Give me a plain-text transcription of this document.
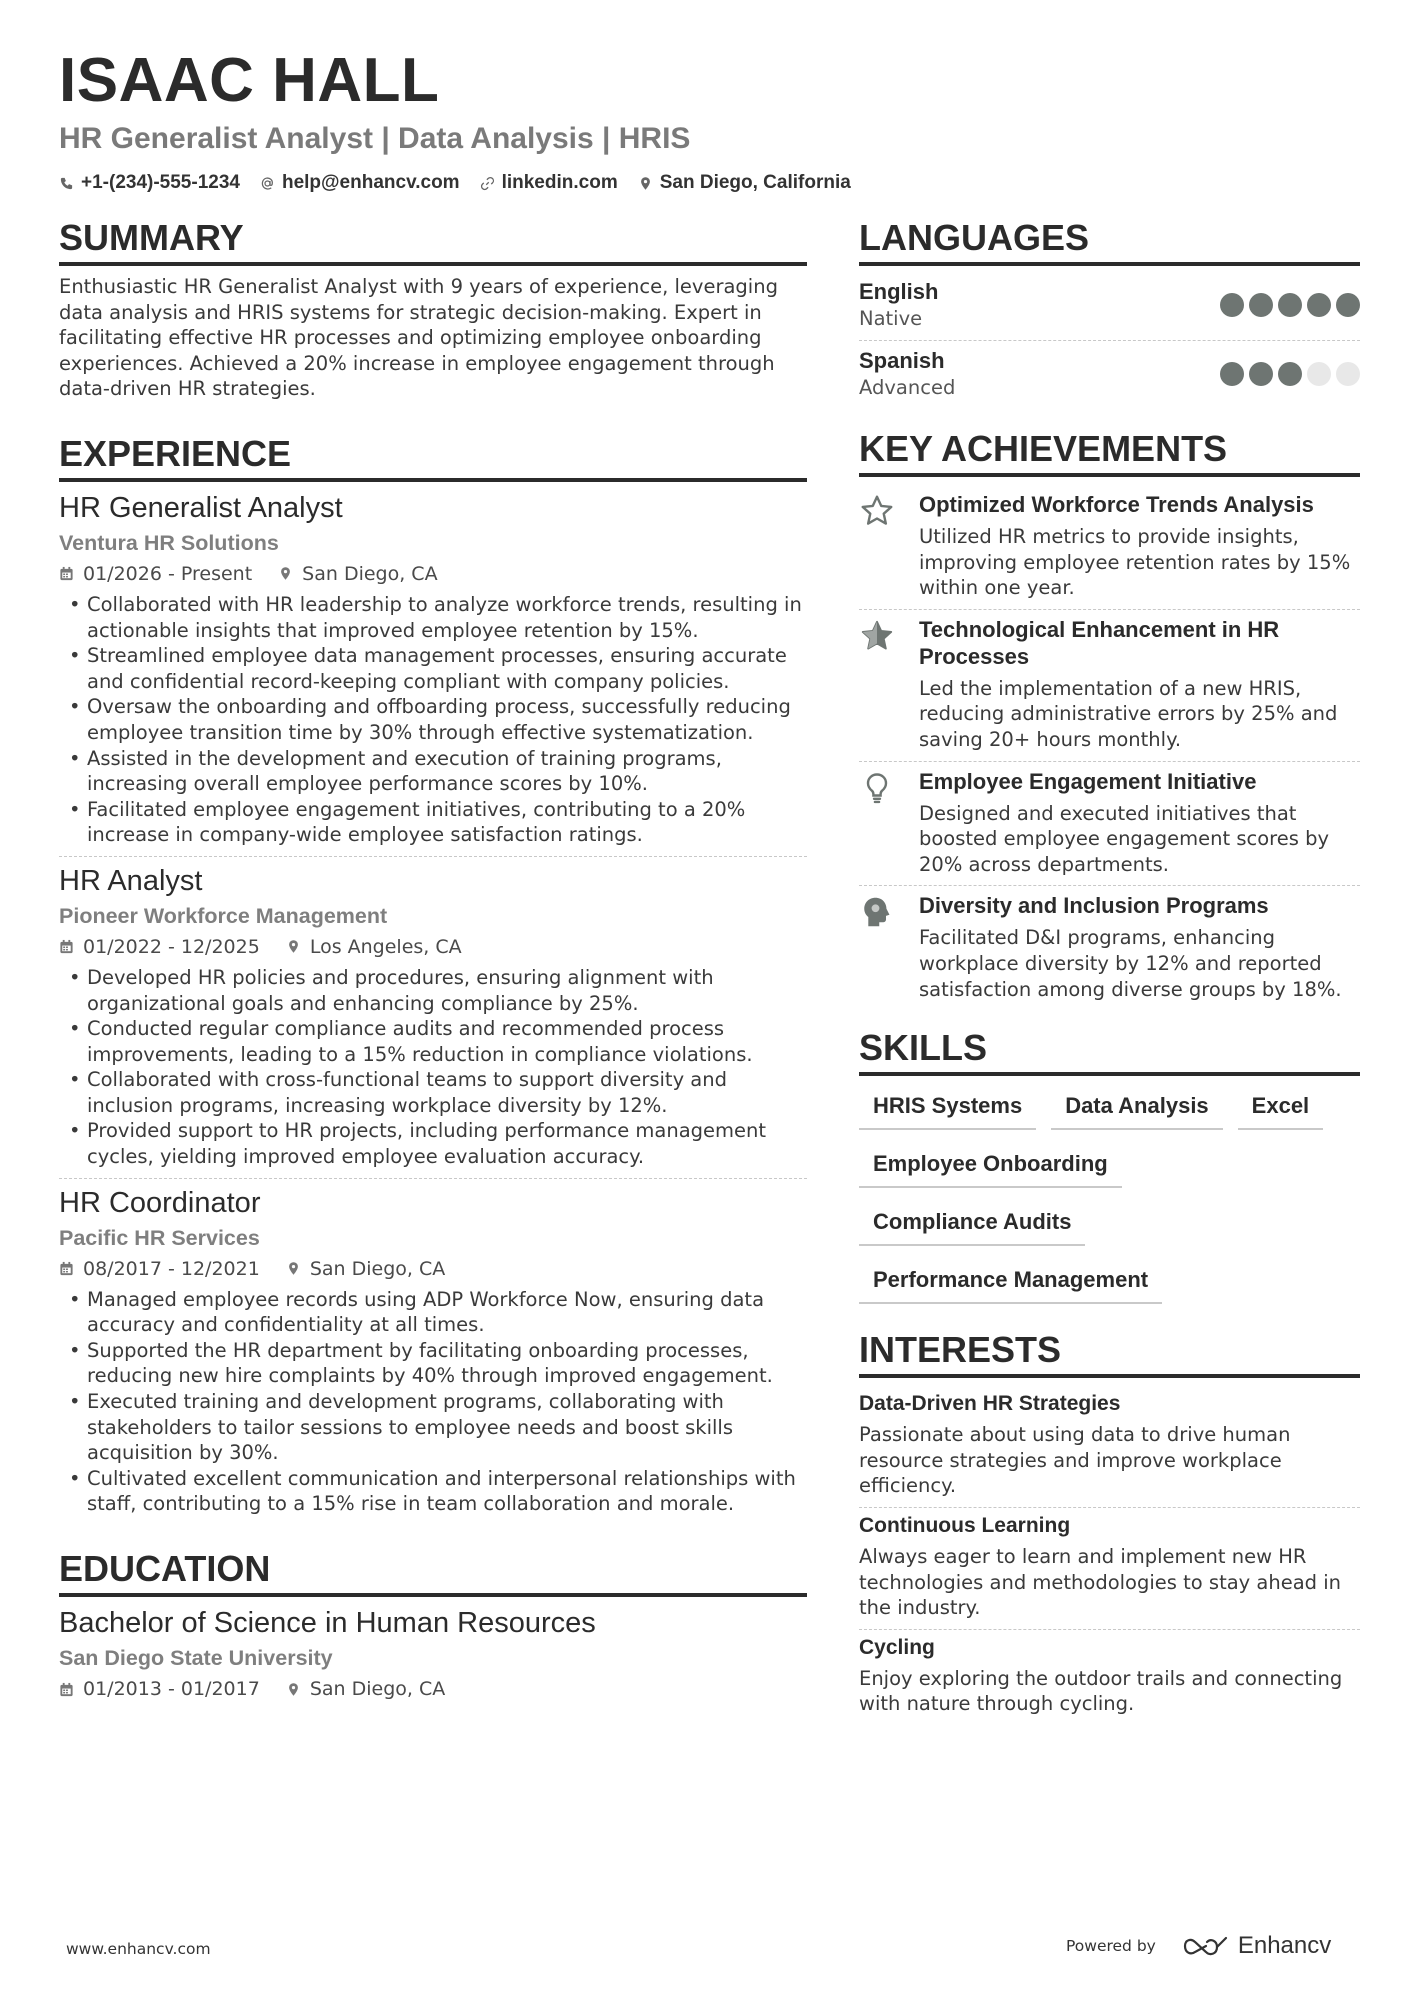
ISAAC HALL
HR Generalist Analyst | Data Analysis | HRIS
+1-(234)-555-1234 help@enhancv.com linkedin.com San Diego, California
SUMMARY
Enthusiastic HR Generalist Analyst with 9 years of experience, leveraging data analysis and HRIS systems for strategic decision-making. Expert in facilitating effective HR processes and optimizing employee onboarding experiences. Achieved a 20% increase in employee engagement through data-driven HR strategies.
EXPERIENCE
HR Generalist Analyst
Ventura HR Solutions
01/2026 - Present	San Diego, CA
• Collaborated with HR leadership to analyze workforce trends, resulting in actionable insights that improved employee retention by 15%.
• Streamlined employee data management processes, ensuring accurate and confidential record-keeping compliant with company policies.
• Oversaw the onboarding and offboarding process, successfully reducing employee transition time by 30% through effective systematization.
• Assisted in the development and execution of training programs, increasing overall employee performance scores by 10%.
• Facilitated employee engagement initiatives, contributing to a 20% increase in company-wide employee satisfaction ratings.
HR Analyst
Pioneer Workforce Management
01/2022 - 12/2025	Los Angeles, CA
• Developed HR policies and procedures, ensuring alignment with organizational goals and enhancing compliance by 25%.
• Conducted regular compliance audits and recommended process improvements, leading to a 15% reduction in compliance violations.
• Collaborated with cross-functional teams to support diversity and inclusion programs, increasing workplace diversity by 12%.
• Provided support to HR projects, including performance management cycles, yielding improved employee evaluation accuracy.
HR Coordinator
Pacific HR Services
08/2017 - 12/2021	San Diego, CA
• Managed employee records using ADP Workforce Now, ensuring data accuracy and confidentiality at all times.
• Supported the HR department by facilitating onboarding processes, reducing new hire complaints by 40% through improved engagement.
• Executed training and development programs, collaborating with stakeholders to tailor sessions to employee needs and boost skills acquisition by 30%.
• Cultivated excellent communication and interpersonal relationships with staff, contributing to a 15% rise in team collaboration and morale.
EDUCATION
Bachelor of Science in Human Resources
San Diego State University
01/2013 - 01/2017	San Diego, CA
LANGUAGES
English
Native
Spanish
Advanced
KEY ACHIEVEMENTS
Optimized Workforce Trends Analysis
Utilized HR metrics to provide insights, improving employee retention rates by 15% within one year.
Technological Enhancement in HR Processes
Led the implementation of a new HRIS, reducing administrative errors by 25% and saving 20+ hours monthly.
Employee Engagement Initiative
Designed and executed initiatives that boosted employee engagement scores by 20% across departments.
Diversity and Inclusion Programs
Facilitated D&I programs, enhancing workplace diversity by 12% and reported satisfaction among diverse groups by 18%.
SKILLS
HRIS Systems	Data Analysis	Excel
Employee Onboarding
Compliance Audits
Performance Management
INTERESTS
Data-Driven HR Strategies
Passionate about using data to drive human resource strategies and improve workplace efficiency.
Continuous Learning
Always eager to learn and implement new HR technologies and methodologies to stay ahead in the industry.
Cycling
Enjoy exploring the outdoor trails and connecting with nature through cycling.
www.enhancv.com	Powered by	Enhancv
